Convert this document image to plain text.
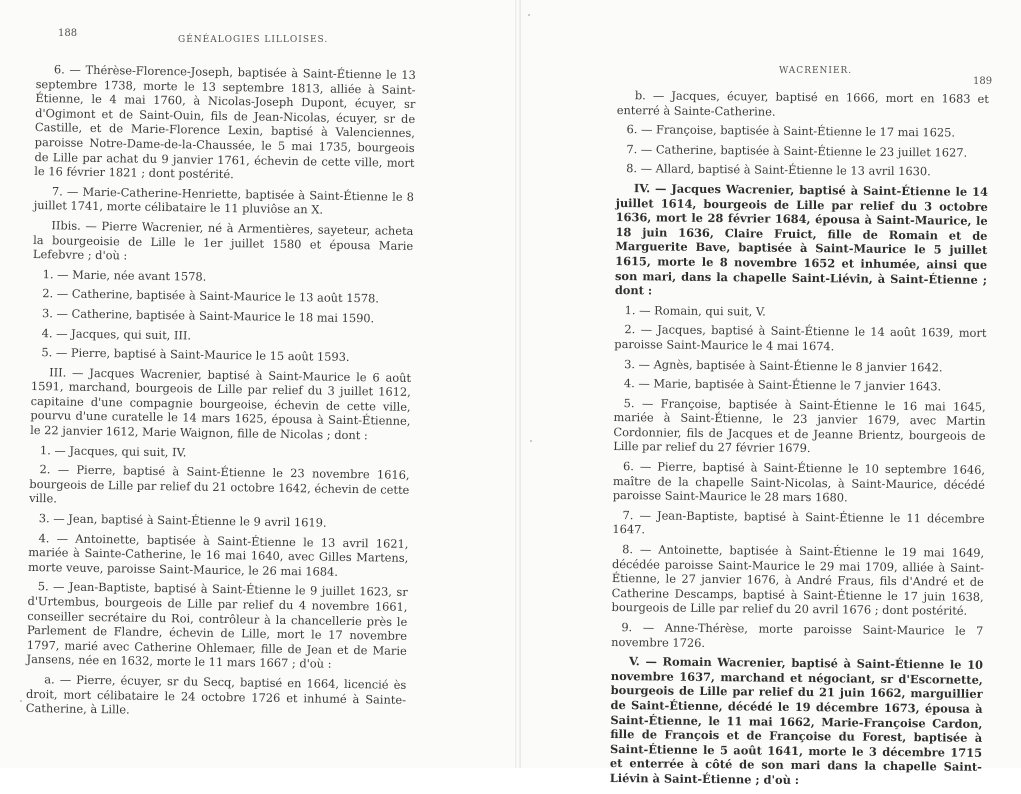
188
GÉNÉALOGIES LILLOISES.

6. — Thérèse-Florence-Joseph, baptisée à Saint-Étienne le 13 septembre 1738, morte le 13 septembre 1813, alliée à Saint-Étienne, le 4 mai 1760, à Nicolas-Joseph Dupont, écuyer, sr d'Ogimont et de Saint-Ouin, fils de Jean-Nicolas, écuyer, sr de Castille, et de Marie-Florence Lexin, baptisé à Valenciennes, paroisse Notre-Dame-de-la-Chaussée, le 5 mai 1735, bourgeois de Lille par achat du 9 janvier 1761, échevin de cette ville, mort le 16 février 1821 ; dont postérité.

7. — Marie-Catherine-Henriette, baptisée à Saint-Étienne le 8 juillet 1741, morte célibataire le 11 pluviôse an X.

IIbis. — Pierre Wacrenier, né à Armentières, sayeteur, acheta la bourgeoisie de Lille le 1er juillet 1580 et épousa Marie Lefebvre ; d'où :

1. — Marie, née avant 1578.

2. — Catherine, baptisée à Saint-Maurice le 13 août 1578.

3. — Catherine, baptisée à Saint-Maurice le 18 mai 1590.

4. — Jacques, qui suit, III.

5. — Pierre, baptisé à Saint-Maurice le 15 août 1593.

III. — Jacques Wacrenier, baptisé à Saint-Maurice le 6 août 1591, marchand, bourgeois de Lille par relief du 3 juillet 1612, capitaine d'une compagnie bourgeoise, échevin de cette ville, pourvu d'une curatelle le 14 mars 1625, épousa à Saint-Étienne, le 22 janvier 1612, Marie Waignon, fille de Nicolas ; dont :

1. — Jacques, qui suit, IV.

2. — Pierre, baptisé à Saint-Étienne le 23 novembre 1616, bourgeois de Lille par relief du 21 octobre 1642, échevin de cette ville.

3. — Jean, baptisé à Saint-Étienne le 9 avril 1619.

4. — Antoinette, baptisée à Saint-Étienne le 13 avril 1621, mariée à Sainte-Catherine, le 16 mai 1640, avec Gilles Martens, morte veuve, paroisse Saint-Maurice, le 26 mai 1684.

5. — Jean-Baptiste, baptisé à Saint-Étienne le 9 juillet 1623, sr d'Urtembus, bourgeois de Lille par relief du 4 novembre 1661, conseiller secrétaire du Roi, contrôleur à la chancellerie près le Parlement de Flandre, échevin de Lille, mort le 17 novembre 1797, marié avec Catherine Ohlemaer, fille de Jean et de Marie Jansens, née en 1632, morte le 11 mars 1667 ; d'où :

a. — Pierre, écuyer, sr du Secq, baptisé en 1664, licencié ès droit, mort célibataire le 24 octobre 1726 et inhumé à Sainte-Catherine, à Lille.

WACRENIER.
189

b. — Jacques, écuyer, baptisé en 1666, mort en 1683 et enterré à Sainte-Catherine.

6. — Françoise, baptisée à Saint-Étienne le 17 mai 1625.

7. — Catherine, baptisée à Saint-Étienne le 23 juillet 1627.

8. — Allard, baptisé à Saint-Étienne le 13 avril 1630.

IV. — Jacques Wacrenier, baptisé à Saint-Étienne le 14 juillet 1614, bourgeois de Lille par relief du 3 octobre 1636, mort le 28 février 1684, épousa à Saint-Maurice, le 18 juin 1636, Claire Fruict, fille de Romain et de Marguerite Bave, baptisée à Saint-Maurice le 5 juillet 1615, morte le 8 novembre 1652 et inhumée, ainsi que son mari, dans la chapelle Saint-Liévin, à Saint-Étienne ; dont :

1. — Romain, qui suit, V.

2. — Jacques, baptisé à Saint-Étienne le 14 août 1639, mort paroisse Saint-Maurice le 4 mai 1674.

3. — Agnès, baptisée à Saint-Étienne le 8 janvier 1642.

4. — Marie, baptisée à Saint-Étienne le 7 janvier 1643.

5. — Françoise, baptisée à Saint-Étienne le 16 mai 1645, mariée à Saint-Étienne, le 23 janvier 1679, avec Martin Cordonnier, fils de Jacques et de Jeanne Brientz, bourgeois de Lille par relief du 27 février 1679.

6. — Pierre, baptisé à Saint-Étienne le 10 septembre 1646, maître de la chapelle Saint-Nicolas, à Saint-Maurice, décédé paroisse Saint-Maurice le 28 mars 1680.

7. — Jean-Baptiste, baptisé à Saint-Étienne le 11 décembre 1647.

8. — Antoinette, baptisée à Saint-Étienne le 19 mai 1649, décédée paroisse Saint-Maurice le 29 mai 1709, alliée à Saint-Étienne, le 27 janvier 1676, à André Fraus, fils d'André et de Catherine Descamps, baptisé à Saint-Étienne le 17 juin 1638, bourgeois de Lille par relief du 20 avril 1676 ; dont postérité.

9. — Anne-Thérèse, morte paroisse Saint-Maurice le 7 novembre 1726.

V. — Romain Wacrenier, baptisé à Saint-Étienne le 10 novembre 1637, marchand et négociant, sr d'Escornette, bourgeois de Lille par relief du 21 juin 1662, marguillier de Saint-Étienne, décédé le 19 décembre 1673, épousa à Saint-Étienne, le 11 mai 1662, Marie-Françoise Cardon, fille de François et de Françoise du Forest, baptisée à Saint-Étienne le 5 août 1641, morte le 3 décembre 1715 et enterrée à côté de son mari dans la chapelle Saint-Liévin à Saint-Étienne ; d'où :
